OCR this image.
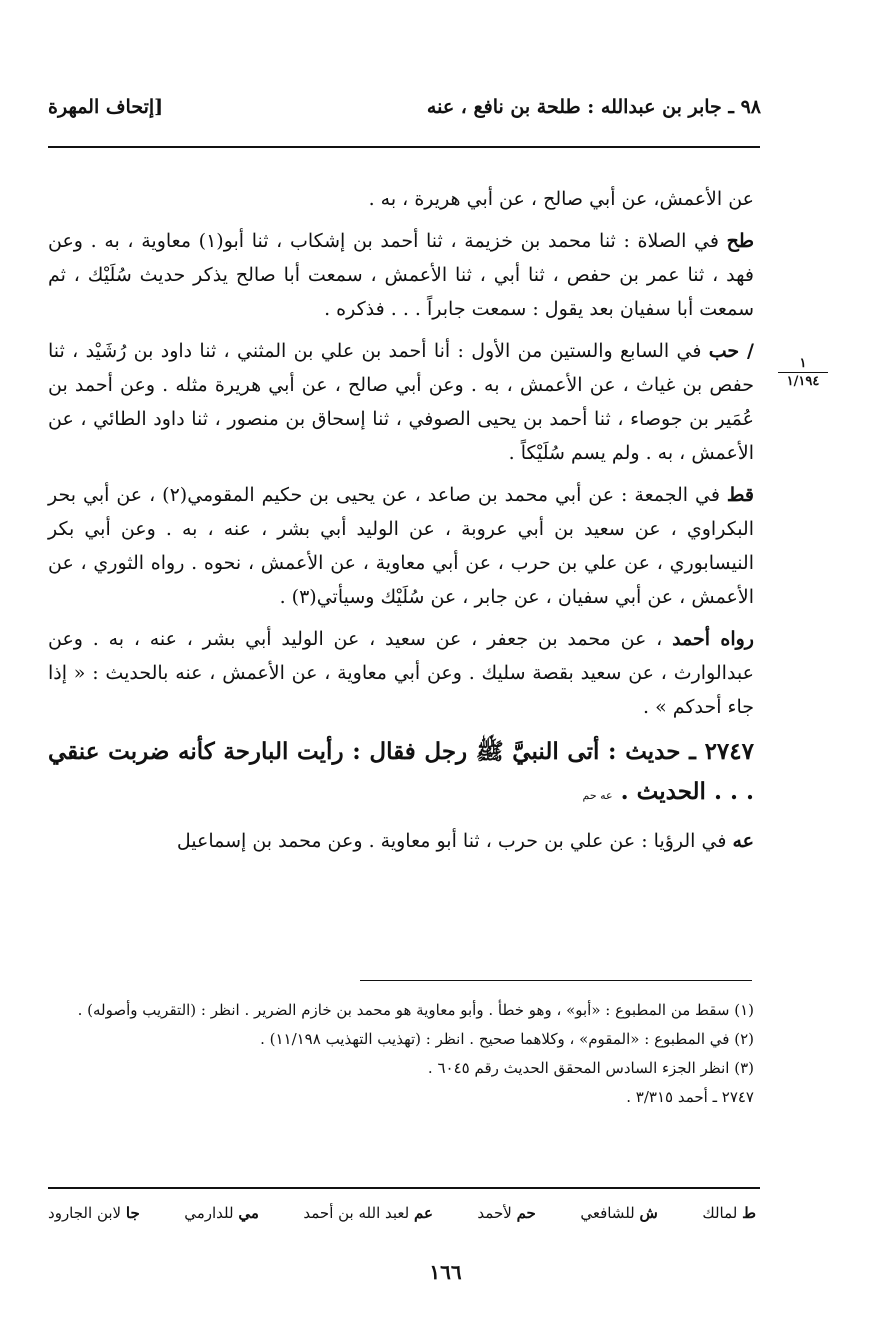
٩٨ ـ جابر بن عبدالله : طلحة بن نافع ، عنه
[إتحاف المهرة
١
١/١٩٤

عن الأعمش، عن أبي صالح ، عن أبي هريرة ، به .

طح في الصلاة : ثنا محمد بن خزيمة ، ثنا أحمد بن إشكاب ، ثنا أبو(١) معاوية ، به . وعن فهد ، ثنا عمر بن حفص ، ثنا أبي ، ثنا الأعمش ، سمعت أبا صالح يذكر حديث سُلَيْك ، ثم سمعت أبا سفيان بعد يقول : سمعت جابراً . . . فذكره .

/ حب في السابع والستين من الأول : أنا أحمد بن علي بن المثني ، ثنا داود بن رُشَيْد ، ثنا حفص بن غياث ، عن الأعمش ، به . وعن أبي صالح ، عن أبي هريرة مثله . وعن أحمد بن عُمَير بن جوصاء ، ثنا أحمد بن يحيى الصوفي ، ثنا إسحاق بن منصور ، ثنا داود الطائي ، عن الأعمش ، به . ولم يسم سُلَيْكاً .

قط في الجمعة : عن أبي محمد بن صاعد ، عن يحيى بن حكيم المقومي(٢) ، عن أبي بحر البكراوي ، عن سعيد بن أبي عروبة ، عن الوليد أبي بشر ، عنه ، به . وعن أبي بكر النيسابوري ، عن علي بن حرب ، عن أبي معاوية ، عن الأعمش ، نحوه . رواه الثوري ، عن الأعمش ، عن أبي سفيان ، عن جابر ، عن سُلَيْك وسيأتي(٣) .

رواه أحمد ، عن محمد بن جعفر ، عن سعيد ، عن الوليد أبي بشر ، عنه ، به . وعن عبدالوارث ، عن سعيد بقصة سليك . وعن أبي معاوية ، عن الأعمش ، عنه بالحديث : « إذا جاء أحدكم » .

٢٧٤٧ ـ حديث : أتى النبيَّ ﷺ رجل فقال : رأيت البارحة كأنه ضربت عنقي . . . الحديث . عه حم

عه في الرؤيا : عن علي بن حرب ، ثنا أبو معاوية . وعن محمد بن إسماعيل

(١) سقط من المطبوع : «أبو» ، وهو خطأ . وأبو معاوية هو محمد بن خازم الضرير . انظر : (التقريب وأصوله) .

(٢) في المطبوع : «المقوم» ، وكلاهما صحيح . انظر : (تهذيب التهذيب ١١/١٩٨) .

(٣) انظر الجزء السادس المحقق الحديث رقم ٦٠٤٥ .

٢٧٤٧ ـ أحمد ٣/٣١٥ .

ط لمالك
ش للشافعي
حم لأحمد
عم لعبد الله بن أحمد
مي للدارمي
جا لابن الجارود
١٦٦
